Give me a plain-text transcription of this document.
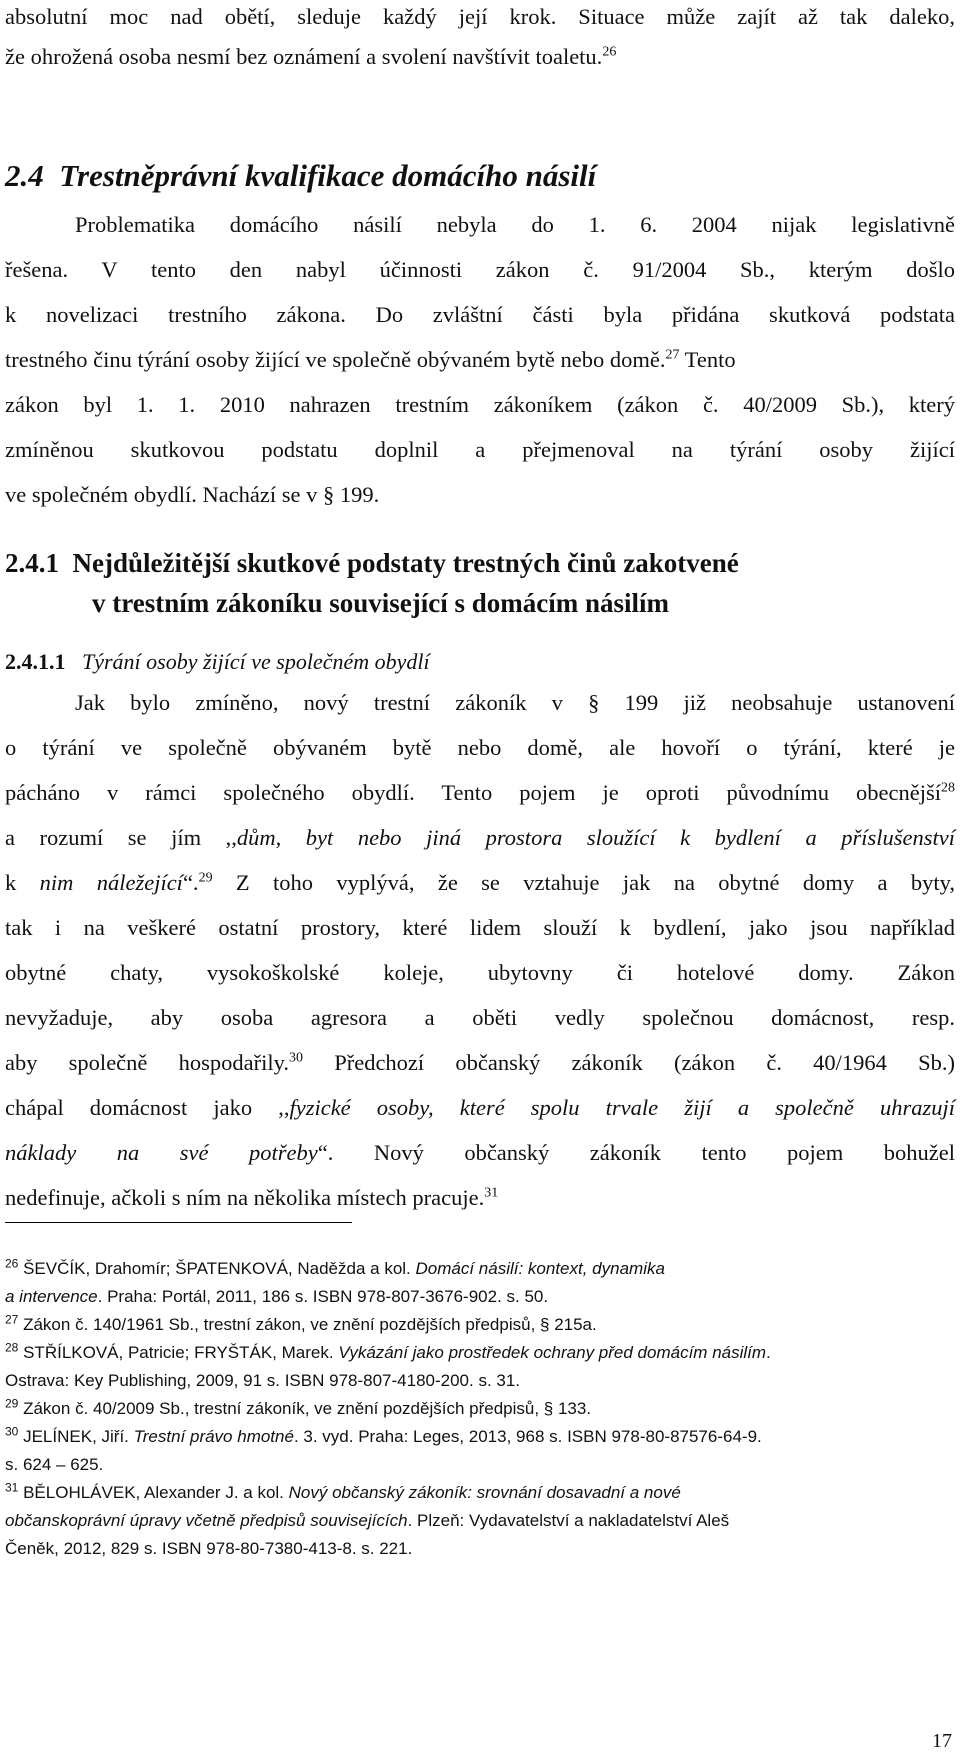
absolutní moc nad obětí, sleduje každý její krok. Situace může zajít až tak daleko,
že ohrožená osoba nesmí bez oznámení a svolení navštívit toaletu.$^{26}$
2.4 Trestněprávní kvalifikace domácího násilí
Problematika domácího násilí nebyla do 1. 6. 2004 nijak legislativně
řešena. V tento den nabyl účinnosti zákon č. 91/2004 Sb., kterým došlo
k novelizaci trestního zákona. Do zvláštní části byla přidána skutková podstata
trestného činu týrání osoby žijící ve společně obývaném bytě nebo domě.$^{27}$ Tento
zákon byl 1. 1. 2010 nahrazen trestním zákoníkem (zákon č. 40/2009 Sb.), který
zmíněnou skutkovou podstatu doplnil a přejmenoval na týrání osoby žijící
ve společném obydlí. Nachází se v § 199.
2.4.1 Nejdůležitější skutkové podstaty trestných činů zakotvené
v trestním zákoníku související s domácím násilím
2.4.1.1 Týrání osoby žijící ve společném obydlí
Jak bylo zmíněno, nový trestní zákoník v § 199 již neobsahuje ustanovení
o týrání ve společně obývaném bytě nebo domě, ale hovoří o týrání, které je
pácháno v rámci společného obydlí. Tento pojem je oproti původnímu obecnější$^{28}$
a rozumí se jím ,,dům, byt nebo jiná prostora sloužící k bydlení a příslušenství
k nim náležející“.$^{29}$ Z toho vyplývá, že se vztahuje jak na obytné domy a byty,
tak i na veškeré ostatní prostory, které lidem slouží k bydlení, jako jsou například
obytné chaty, vysokoškolské koleje, ubytovny či hotelové domy. Zákon
nevyžaduje, aby osoba agresora a oběti vedly společnou domácnost, resp.
aby společně hospodařily.$^{30}$ Předchozí občanský zákoník (zákon č. 40/1964 Sb.)
chápal domácnost jako ,,fyzické osoby, které spolu trvale žijí a společně uhrazují
náklady na své potřeby“. Nový občanský zákoník tento pojem bohužel
nedefinuje, ačkoli s ním na několika místech pracuje.$^{31}$
$^{26}$ ŠEVČÍK, Drahomír; ŠPATENKOVÁ, Naděžda a kol. Domácí násilí: kontext, dynamika
a intervence. Praha: Portál, 2011, 186 s. ISBN 978-807-3676-902. s. 50.
$^{27}$ Zákon č. 140/1961 Sb., trestní zákon, ve znění pozdějších předpisů, § 215a.
$^{28}$ STŘÍLKOVÁ, Patricie; FRYŠTÁK, Marek. Vykázání jako prostředek ochrany před domácím násilím.
Ostrava: Key Publishing, 2009, 91 s. ISBN 978-807-4180-200. s. 31.
$^{29}$ Zákon č. 40/2009 Sb., trestní zákoník, ve znění pozdějších předpisů, § 133.
$^{30}$ JELÍNEK, Jiří. Trestní právo hmotné. 3. vyd. Praha: Leges, 2013, 968 s. ISBN 978-80-87576-64-9.
s. 624 – 625.
$^{31}$ BĚLOHLÁVEK, Alexander J. a kol. Nový občanský zákoník: srovnání dosavadní a nové
občanskoprávní úpravy včetně předpisů souvisejících. Plzeň: Vydavatelství a nakladatelství Aleš
Čeněk, 2012, 829 s. ISBN 978-80-7380-413-8. s. 221.
17
